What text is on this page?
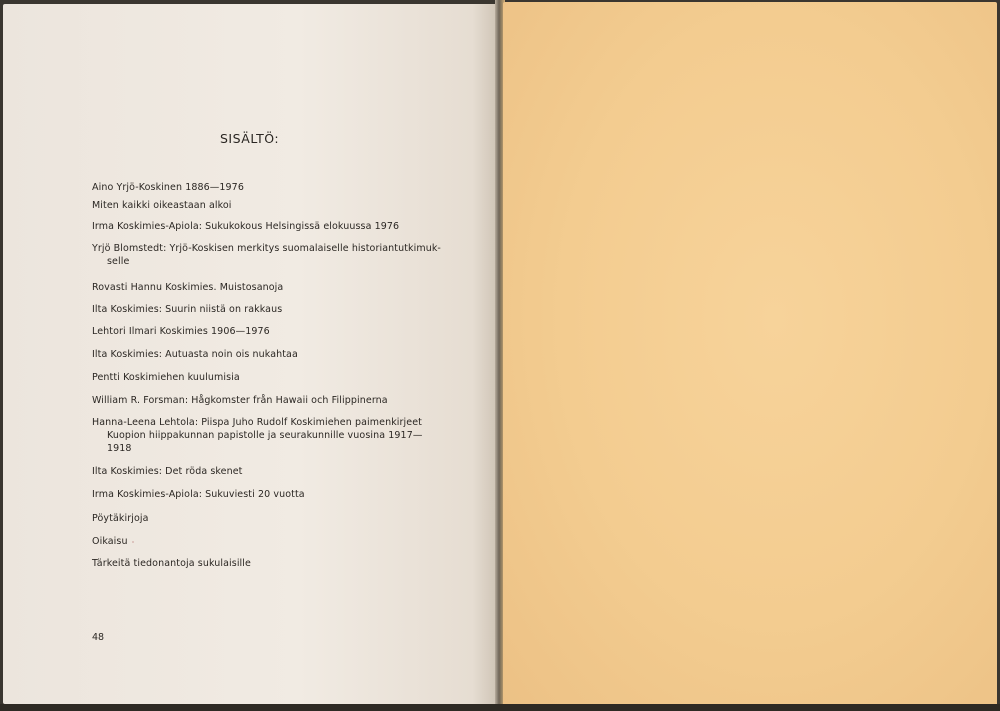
SISÄLTÖ:
Aino Yrjö-Koskinen 1886—1976
Miten kaikki oikeastaan alkoi
Irma Koskimies-Apiola: Sukukokous Helsingissä elokuussa 1976
Yrjö Blomstedt: Yrjö-Koskisen merkitys suomalaiselle historiantutkimuk-
selle
Rovasti Hannu Koskimies. Muistosanoja
Ilta Koskimies: Suurin niistä on rakkaus
Lehtori Ilmari Koskimies 1906—1976
Ilta Koskimies: Autuasta noin ois nukahtaa
Pentti Koskimiehen kuulumisia
William R. Forsman: Hågkomster från Hawaii och Filippinerna
Hanna-Leena Lehtola: Piispa Juho Rudolf Koskimiehen paimenkirjeet
Kuopion hiippakunnan papistolle ja seurakunnille vuosina 1917—
1918
Ilta Koskimies: Det röda skenet
Irma Koskimies-Apiola: Sukuviesti 20 vuotta
Pöytäkirjoja
Oikaisu
Tärkeitä tiedonantoja sukulaisille
48
